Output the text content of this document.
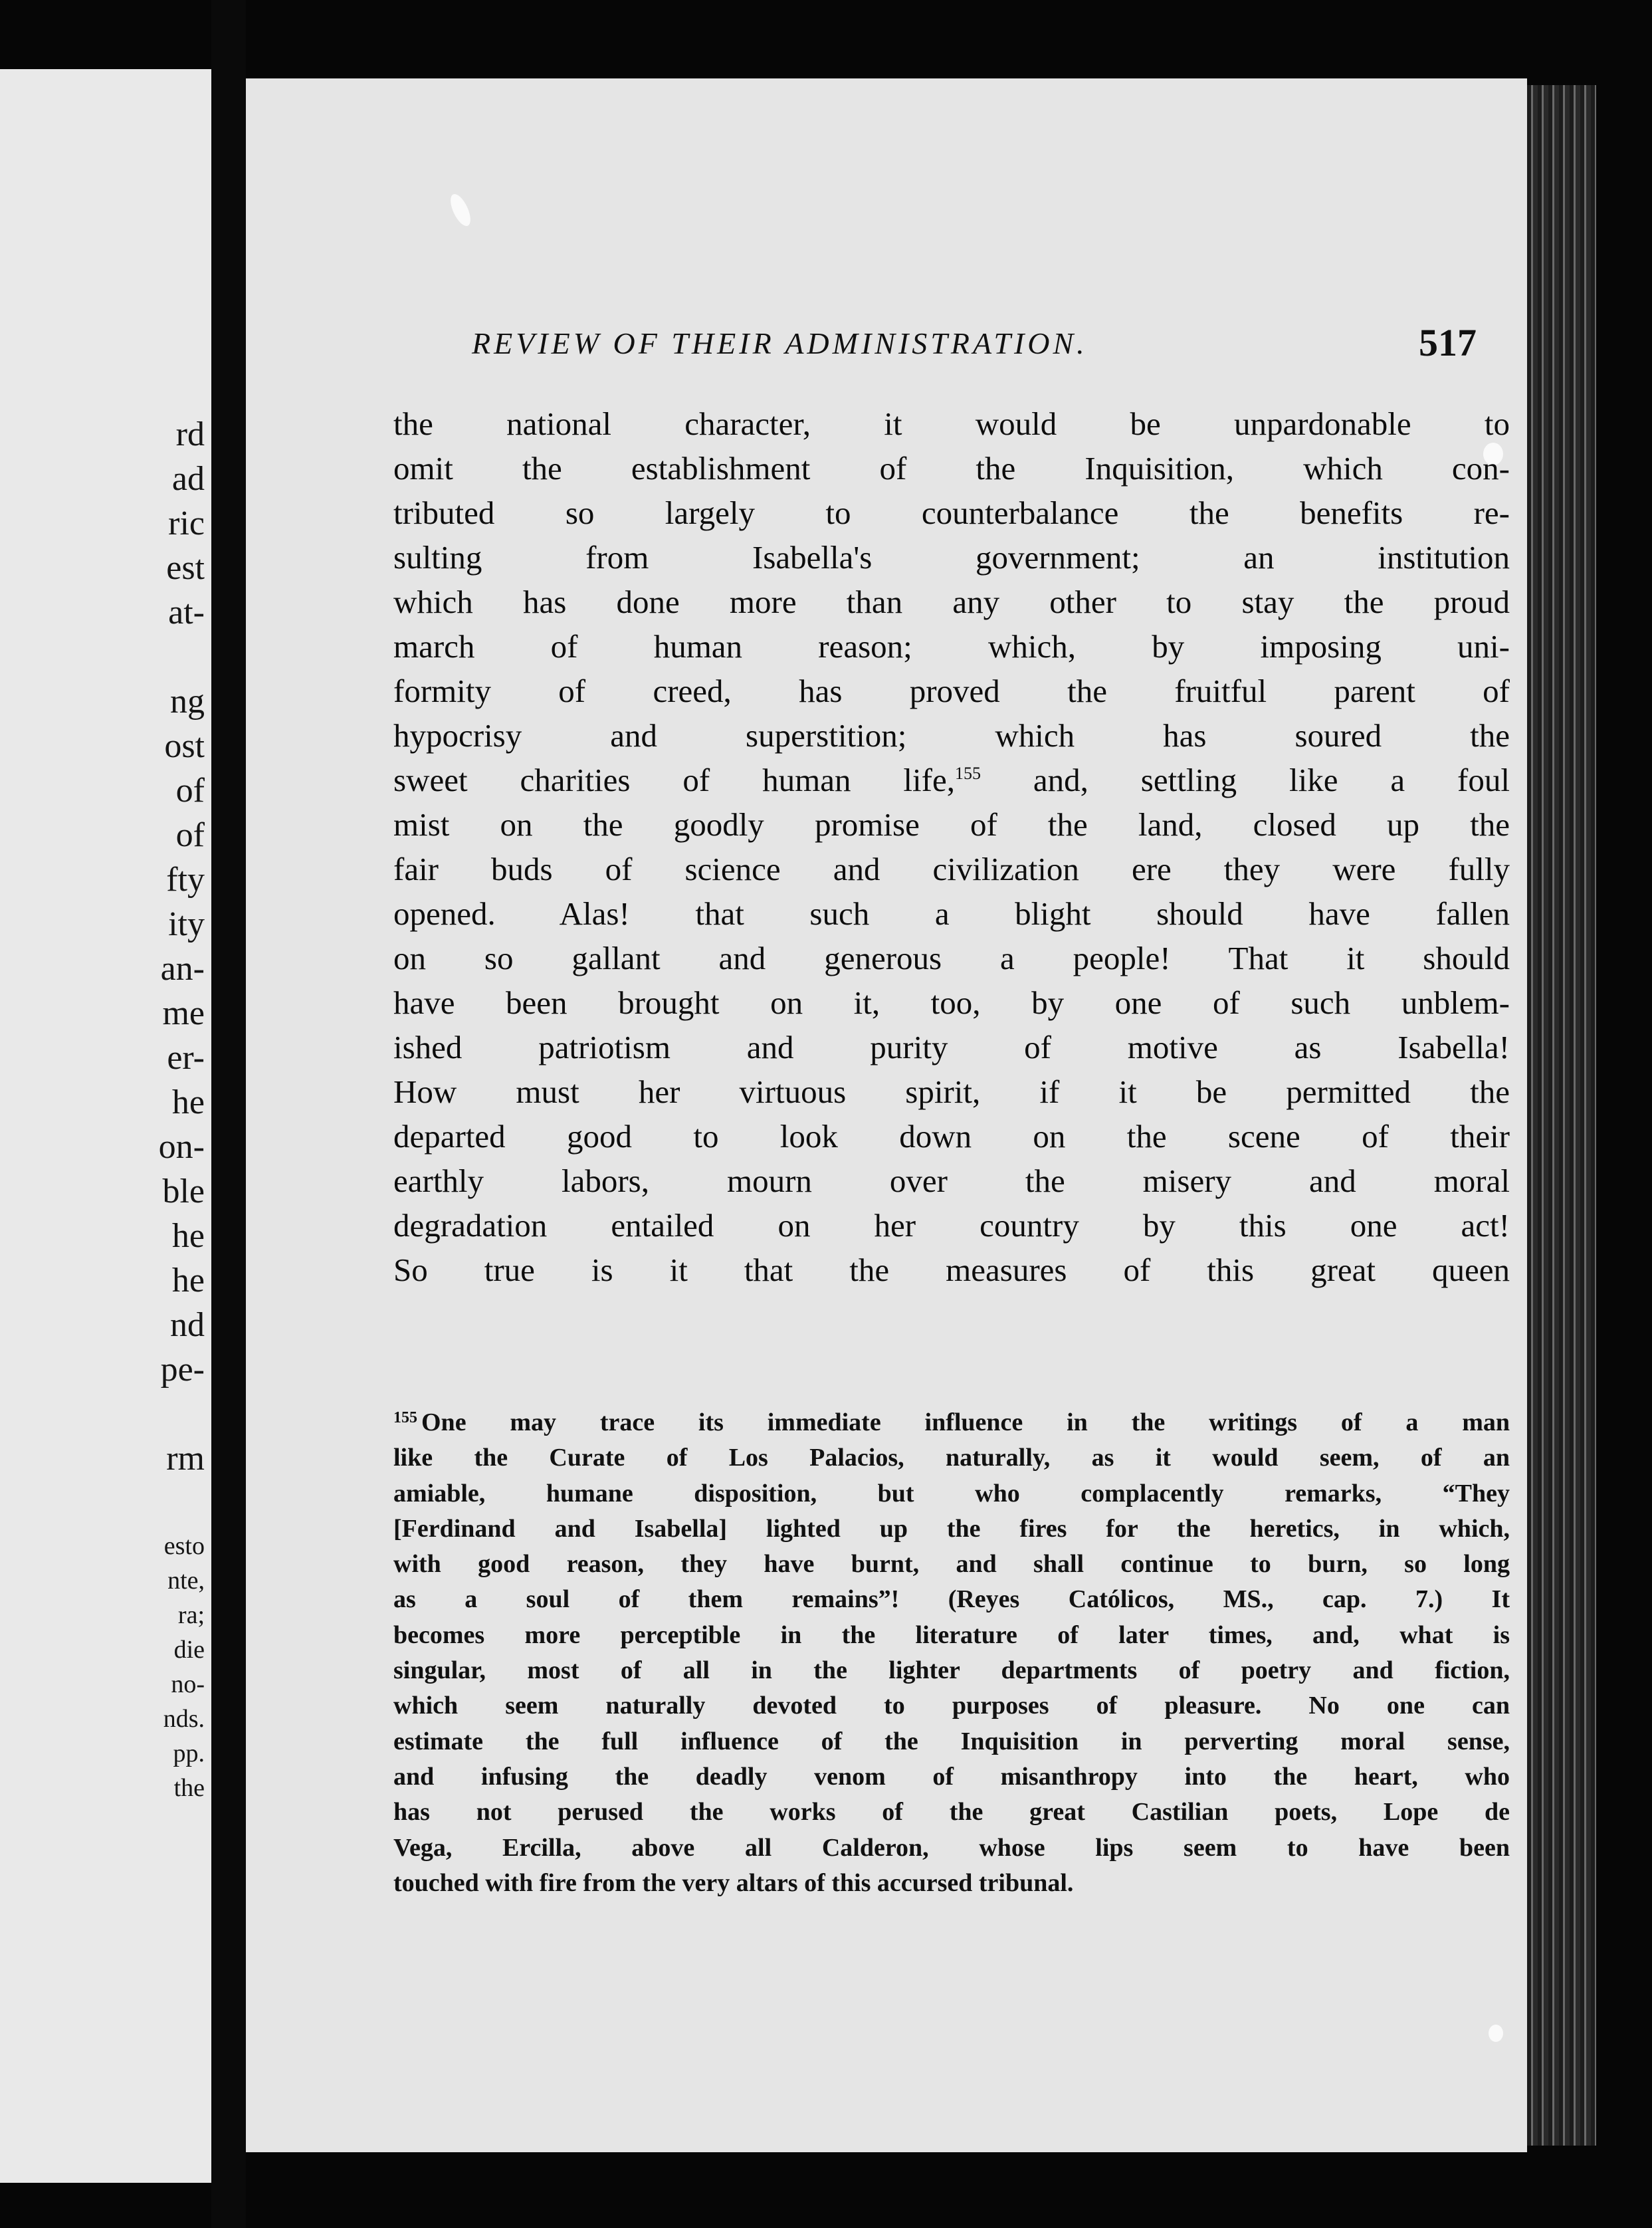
rd
ad
ric
est
at-
ng
ost
of
of
fty
ity
an-
me
er-
he
on-
ble
he
he
nd
pe-
rm
esto
nte,
ra;
die
no-
nds.
pp.
the
REVIEW OF THEIR ADMINISTRATION.	517
the national character, it would be unpardonable to
omit the establishment of the Inquisition, which con-
tributed so largely to counterbalance the benefits re-
sulting from Isabella's government; an institution
which has done more than any other to stay the proud
march of human reason; which, by imposing uni-
formity of creed, has proved the fruitful parent of
hypocrisy and superstition; which has soured the
sweet charities of human life,$^{155}$ and, settling like a foul
mist on the goodly promise of the land, closed up the
fair buds of science and civilization ere they were fully
opened. Alas! that such a blight should have fallen
on so gallant and generous a people! That it should
have been brought on it, too, by one of such unblem-
ished patriotism and purity of motive as Isabella!
How must her virtuous spirit, if it be permitted the
departed good to look down on the scene of their
earthly labors, mourn over the misery and moral
degradation entailed on her country by this one act!
So true is it that the measures of this great queen
$^{155}$ One may trace its immediate influence in the writings of a man
like the Curate of Los Palacios, naturally, as it would seem, of an
amiable, humane disposition, but who complacently remarks, “They
[Ferdinand and Isabella] lighted up the fires for the heretics, in which,
with good reason, they have burnt, and shall continue to burn, so long
as a soul of them remains”! (Reyes Católicos, MS., cap. 7.) It
becomes more perceptible in the literature of later times, and, what is
singular, most of all in the lighter departments of poetry and fiction,
which seem naturally devoted to purposes of pleasure. No one can
estimate the full influence of the Inquisition in perverting moral sense,
and infusing the deadly venom of misanthropy into the heart, who
has not perused the works of the great Castilian poets, Lope de
Vega, Ercilla, above all Calderon, whose lips seem to have been
touched with fire from the very altars of this accursed tribunal.
